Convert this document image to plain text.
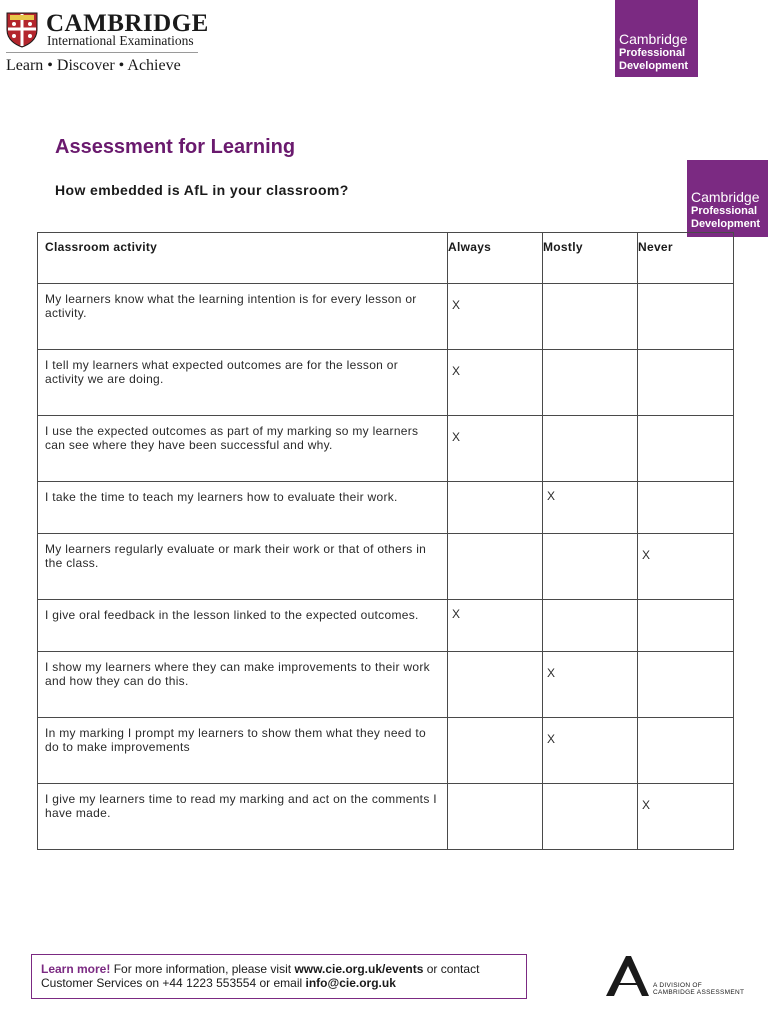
CAMBRIDGE
International Examinations
Learn • Discover • Achieve
Cambridge
Professional
Development
Cambridge
Professional
Development
Assessment for Learning
How embedded is AfL in your classroom?
Classroom activity	Always	Mostly	Never
My learners know what the learning intention is for every lesson or activity.	X		

I tell my learners what expected outcomes are for the lesson or activity we are doing.	X		

I use the expected outcomes as part of my marking so my learners can see where they have been successful and why.	X		

I take the time to teach my learners how to evaluate their work.		X	

My learners regularly evaluate or mark their work or that of others in the class.			X

I give oral feedback in the lesson linked to the expected outcomes.	X		

I show my learners where they can make improvements to their work and how they can do this.		X	

In my marking I prompt my learners to show them what they need to do to make improvements		X	

I give my learners time to read my marking and act on the comments I have made.			X
Learn more! For more information, please visit www.cie.org.uk/events or contact
Customer Services on +44 1223 553554 or email info@cie.org.uk	A DIVISION OF
CAMBRIDGE ASSESSMENT
